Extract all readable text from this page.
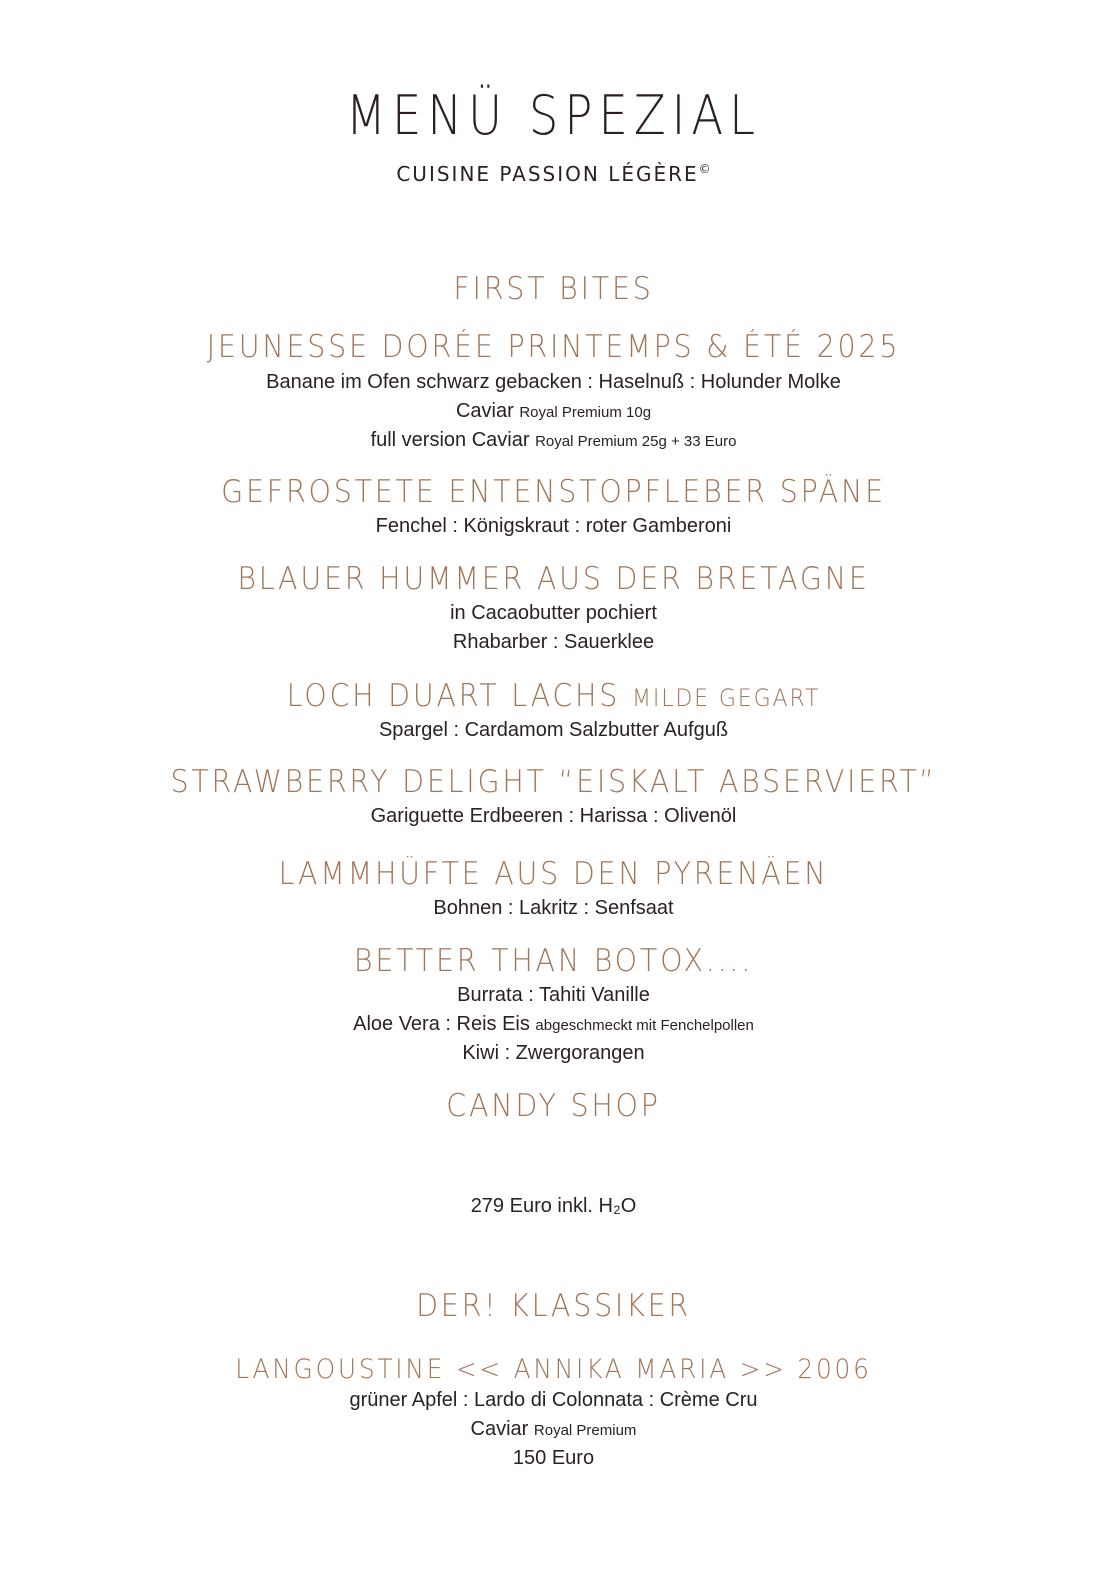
MENÜ SPEZIAL
CUISINE PASSION LÉGÈRE©
FIRST BITES
JEUNESSE DORÉE PRINTEMPS & ÉTÉ 2025
Banane im Ofen schwarz gebacken : Haselnuß : Holunder Molke
Caviar Royal Premium 10g
full version Caviar Royal Premium 25g + 33 Euro
GEFROSTETE ENTENSTOPFLEBER SPÄNE
Fenchel : Königskraut : roter Gamberoni
BLAUER HUMMER AUS DER BRETAGNE
in Cacaobutter pochiert
Rhabarber : Sauerklee
LOCH DUART LACHS MILDE GEGART
Spargel : Cardamom Salzbutter Aufguß
STRAWBERRY DELIGHT “EISKALT ABSERVIERT”
Gariguette Erdbeeren : Harissa : Olivenöl
LAMMHÜFTE AUS DEN PYRENÄEN
Bohnen : Lakritz : Senfsaat
BETTER THAN BOTOX....
Burrata : Tahiti Vanille
Aloe Vera : Reis Eis abgeschmeckt mit Fenchelpollen
Kiwi : Zwergorangen
CANDY SHOP
279 Euro inkl. H₂O
DER! KLASSIKER
LANGOUSTINE << ANNIKA MARIA >> 2006
grüner Apfel : Lardo di Colonnata : Crème Cru
Caviar Royal Premium
150 Euro
